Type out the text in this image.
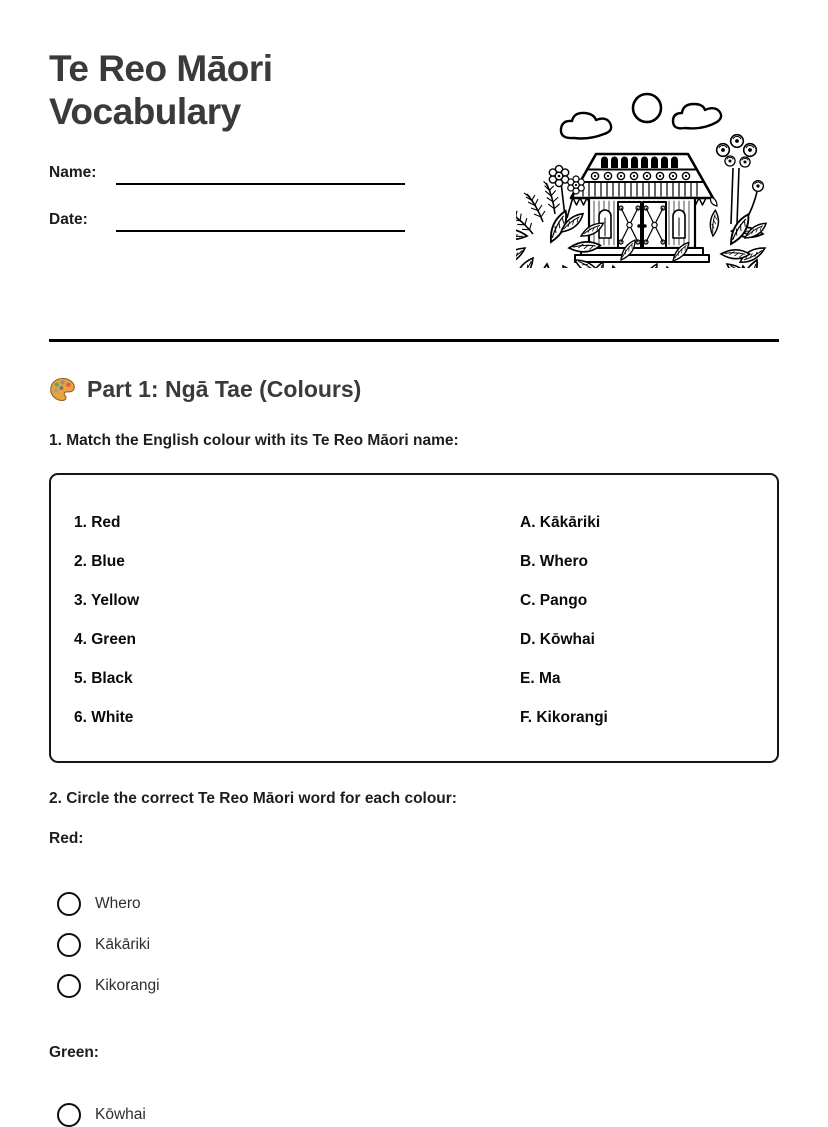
Te Reo Māori
Vocabulary
Name:
Date:
Part 1: Ngā Tae (Colours)

1. Match the English colour with its Te Reo Māori name:

1. Red	A. Kākāriki
2. Blue	B. Whero
3. Yellow	C. Pango
4. Green	D. Kōwhai
5. Black	E. Ma
6. White	F. Kikorangi

2. Circle the correct Te Reo Māori word for each colour:

Red:

Whero
Kākāriki
Kikorangi

Green:

Kōwhai
